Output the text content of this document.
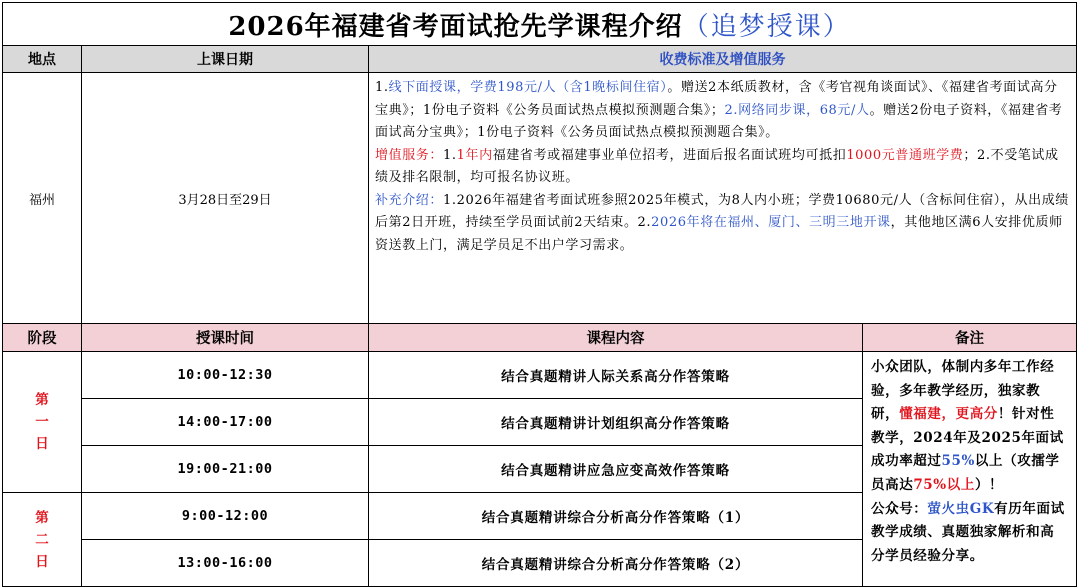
2026年福建省考面试抢先学课程介绍（追梦授课）			
地点	上课日期	收费标准及增值服务	
福州	3月28日至29日	1.线下面授课，学费198元/人（含1晚标间住宿）。赠送2本纸质教材，含《考官视角谈面试》、《福建省考面试高分宝典》；1份电子资料《公务员面试热点模拟预测题合集》；2.网络同步课，68元/人。赠送2份电子资料，《福建省考面试高分宝典》；1份电子资料《公务员面试热点模拟预测题合集》。
增值服务：1.1年内福建省考或福建事业单位招考，进面后报名面试班均可抵扣1000元普通班学费；2.不受笔试成绩及排名限制，均可报名协议班。
补充介绍：1.2026年福建省考面试班参照2025年模式，为8人内小班；学费10680元/人（含标间住宿），从出成绩后第2日开班，持续至学员面试前2天结束。2.2026年将在福州、厦门、三明三地开课，其他地区满6人安排优质师资送教上门，满足学员足不出户学习需求。	
阶段	授课时间	课程内容	备注

第
一
日	10:00-12:30	结合真题精讲人际关系高分作答策略	小众团队，体制内多年工作经验，多年教学经历，独家教研，懂福建，更高分！针对性教学，2024年及2025年面试成功率超过55%以上（攻擂学员高达75%以上）！
公众号：萤火虫GK有历年面试教学成绩、真题独家解析和高分学员经验分享。
	14:00-17:00	结合真题精讲计划组织高分作答策略	
	19:00-21:00	结合真题精讲应急应变高效作答策略	

第
二
日	9:00-12:00	结合真题精讲综合分析高分作答策略（1）	
	13:00-16:00	结合真题精讲综合分析高分作答策略（2）	
